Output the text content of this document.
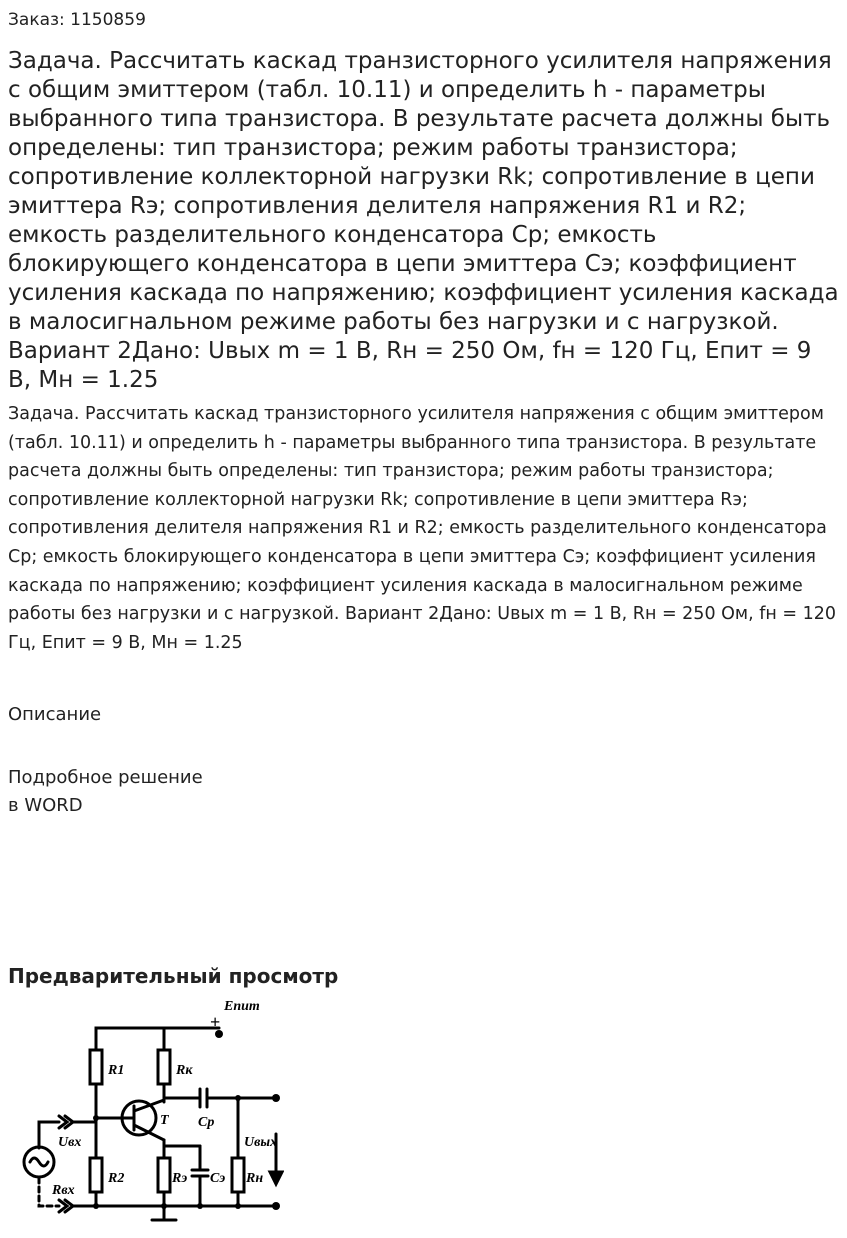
Заказ: 1150859

Задача. Рассчитать каскад транзисторного усилителя напряжения с общим эмиттером (табл. 10.11) и определить h - параметры выбранного типа транзистора. В результате расчета должны быть определены: тип транзистора; режим работы транзистора; сопротивление коллекторной нагрузки Rk; сопротивление в цепи эмиттера Rэ; сопротивления делителя напряжения R1 и R2; емкость разделительного конденсатора Ср; емкость блокирующего конденсатора в цепи эмиттера Сэ; коэффициент усиления каскада по напряжению; коэффициент усиления каскада в малосигнальном режиме работы без нагрузки и с нагрузкой. Вариант 2Дано: Uвых m = 1 В, Rн = 250 Ом, fн = 120 Гц, Епит = 9 В, Мн = 1.25

Задача. Рассчитать каскад транзисторного усилителя напряжения с общим эмиттером (табл. 10.11) и определить h - параметры выбранного типа транзистора. В результате расчета должны быть определены: тип транзистора; режим работы транзистора; сопротивление коллекторной нагрузки Rk; сопротивление в цепи эмиттера Rэ; сопротивления делителя напряжения R1 и R2; емкость разделительного конденсатора Ср; емкость блокирующего конденсатора в цепи эмиттера Сэ; коэффициент усиления каскада по напряжению; коэффициент усиления каскада в малосигнальном режиме работы без нагрузки и с нагрузкой. Вариант 2Дано: Uвых m = 1 В, Rн = 250 Ом, fн = 120 Гц, Епит = 9 В, Мн = 1.25

Описание

Подробное решение

в WORD

Предварительный просмотр
Eпит
+
R1	Rк
T Cр
Uвх	Uвых
R2	Rэ Cэ Rн
Rвх
